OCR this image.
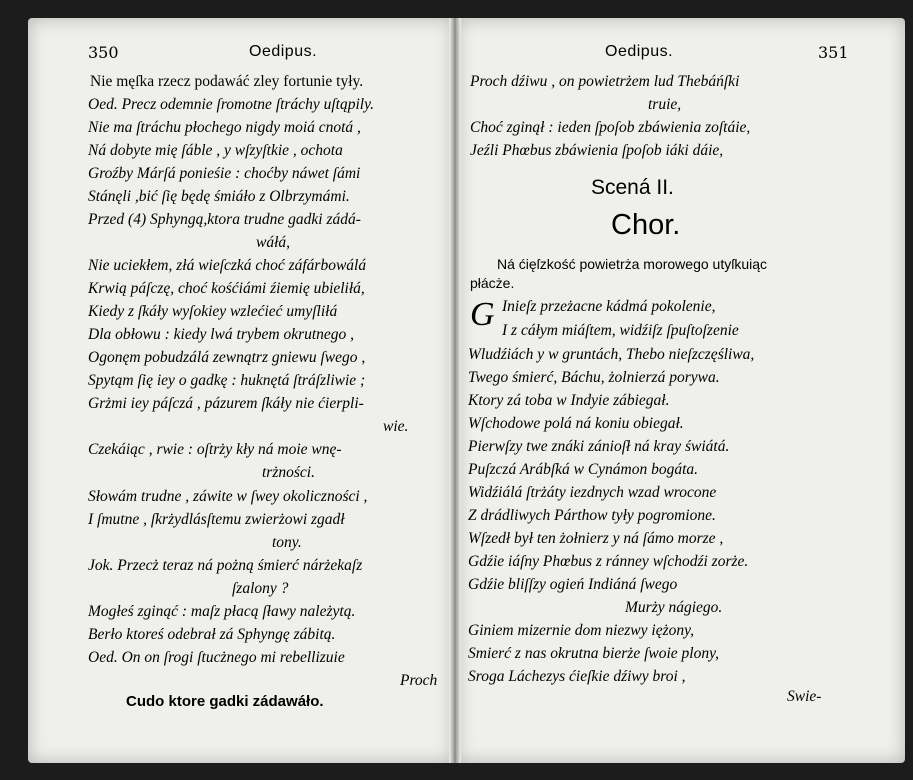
350	Oedipus.
Nie męſka rzecz podawáć zley fortunie tyły.
Oed. Precz odemnie ſromotne ſtráchy uſtąpily.
Nie ma ſtráchu płochego nigdy moiá cnotá ,
Ná dobyte mię ſáble , y wſzyſtkie , ochota
Groźby Márſá ponieśie : choćby náwet ſámi
Stánęli ,bić ſię będę śmiáło z Olbrzymámi.
Przed (4) Sphyngą,ktora trudne gadki zádá-
wáłá,
Nie uciekłem, złá wieſczká choć záfárbowálá
Krwią páſczę, choć kośćiámi źiemię ubieliłá,
Kiedy z ſkáły wyſokiey wzlećieć umyſliłá
Dla obłowu : kiedy lwá trybem okrutnego ,
Ogonęm pobudzálá zewnątrz gniewu ſwego ,
Spytąm ſię iey o gadkę : huknętá ſtráſzliwie ;
Grżmi iey páſczá , pázurem ſkáły nie ćierpli-
wie.
Czekáiąc , rwie : oſtrży kły ná moie wnę-
trżności.
Słowám trudne , záwite w ſwey okoliczności ,
I ſmutne , ſkrżydlásſtemu zwierżowi zgadł
tony.
Jok. Przecż teraz ná pożną śmierć nárżekaſz
ſzalony ?
Mogłeś zginąć : maſz płacą ſławy należytą.
Berło ktoreś odebrał zá Sphyngę zábitą.
Oed. On on ſrogi ſtucżnego mi rebellizuie
Proch
Cudo ktore gadki zádawáło.
Oedipus.	351
Proch dźiwu , on powietrżem lud Thebáńſki
truie,
Choć zginął : ieden ſpoſob zbáwienia zoſtáie,
Jeźli Phœbus zbáwienia ſpoſob iáki dáie,
Scená II.
Chor.
Ná ćięſzkość powietrża morowego utyſkuiąc
płácże.
G Inieſz przeżacne kádmá pokolenie,
I z cáłym miáſtem, widźiſz ſpuſtoſzenie
Wludźiách y w gruntách, Thebo nieſzczęśliwa,
Twego śmierć, Báchu, żolnierzá porywa.
Ktory zá toba w Indyie zábiegał.
Wſchodowe polá ná koniu obiegał.
Pierwſzy twe znáki zánioſł ná kray świátá.
Puſzczá Arábſká w Cynámon bogáta.
Widźiálá ſtrżáty iezdnych wzad wrocone
Z drádliwych Párthow tyły pogromione.
Wſzedł był ten żołnierz y ná ſámo morze ,
Gdźie iáſny Phœbus z ránney wſchodźi zorże.
Gdźie bliſſzy ogień Indiáná ſwego
Murży nágiego.
Giniem mizernie dom niezwy iężony,
Smierć z nas okrutna bierże ſwoie plony,
Sroga Láchezys ćieſkie dźiwy broi ,
Swie-
